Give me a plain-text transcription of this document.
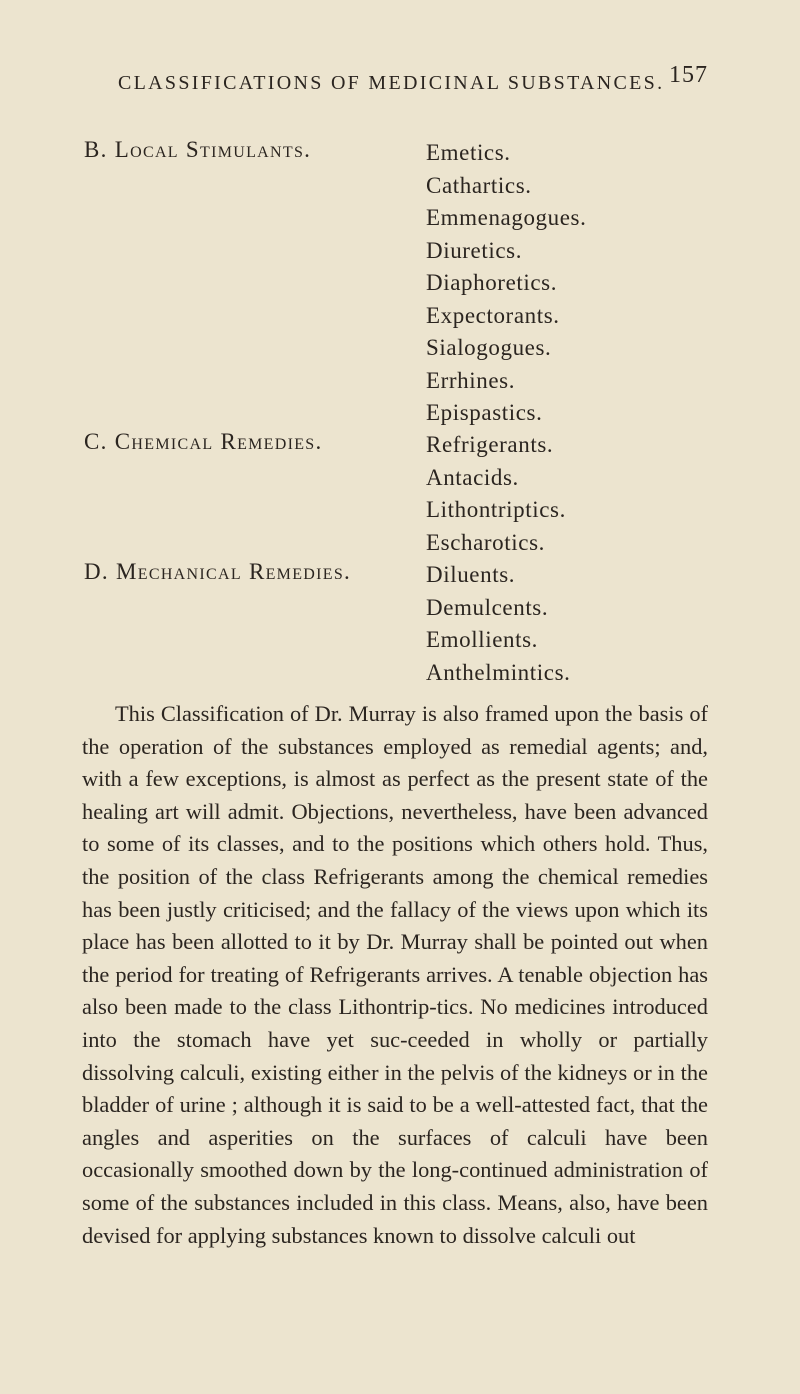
CLASSIFICATIONS OF MEDICINAL SUBSTANCES. 157
B. Local Stimulants.	Emetics.
Cathartics.
Emmenagogues.
Diuretics.
Diaphoretics.
Expectorants.
Sialogogues.
Errhines.
Epispastics.
C. Chemical Remedies.	Refrigerants.
Antacids.
Lithontriptics.
Escharotics.
D. Mechanical Remedies.	Diluents.
Demulcents.
Emollients.
Anthelmintics.

This Classification of Dr. Murray is also framed upon the basis of the operation of the substances employed as remedial agents; and, with a few exceptions, is almost as perfect as the present state of the healing art will admit. Objections, nevertheless, have been advanced to some of its classes, and to the positions which others hold. Thus, the position of the class Refrigerants among the chemical remedies has been justly criticised; and the fallacy of the views upon which its place has been allotted to it by Dr. Murray shall be pointed out when the period for treating of Refrigerants arrives. A tenable objection has also been made to the class Lithontrip-tics. No medicines introduced into the stomach have yet suc-ceeded in wholly or partially dissolving calculi, existing either in the pelvis of the kidneys or in the bladder of urine ; although it is said to be a well-attested fact, that the angles and asperities on the surfaces of calculi have been occasionally smoothed down by the long-continued administration of some of the substances included in this class. Means, also, have been devised for applying substances known to dissolve calculi out
